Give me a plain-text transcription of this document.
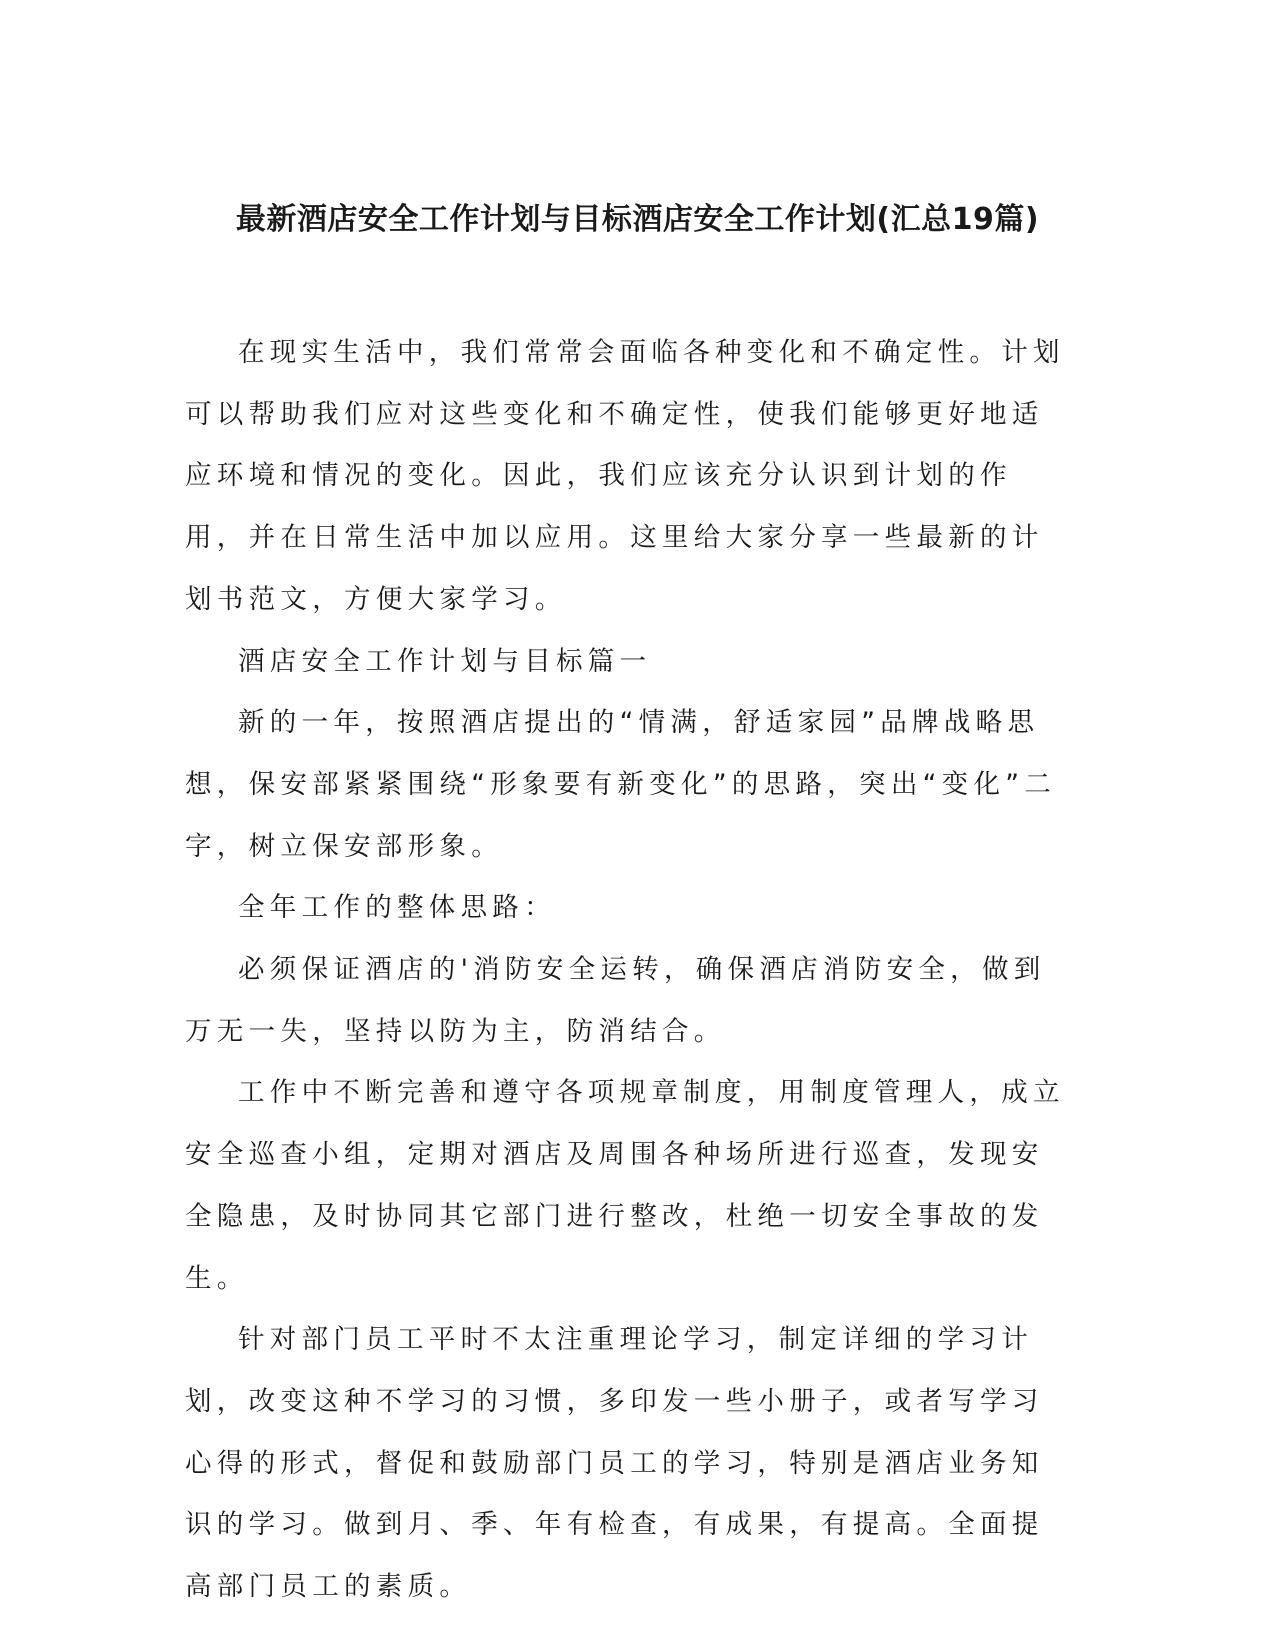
最新酒店安全工作计划与目标酒店安全工作计划(汇总19篇)

在现实生活中，我们常常会面临各种变化和不确定性。计划可以帮助我们应对这些变化和不确定性，使我们能够更好地适应环境和情况的变化。因此，我们应该充分认识到计划的作用，并在日常生活中加以应用。这里给大家分享一些最新的计划书范文，方便大家学习。

酒店安全工作计划与目标篇一

新的一年，按照酒店提出的“情满，舒适家园”品牌战略思想，保安部紧紧围绕“形象要有新变化”的思路，突出“变化”二字，树立保安部形象。

全年工作的整体思路：

必须保证酒店的'消防安全运转，确保酒店消防安全，做到万无一失，坚持以防为主，防消结合。

工作中不断完善和遵守各项规章制度，用制度管理人，成立安全巡查小组，定期对酒店及周围各种场所进行巡查，发现安全隐患，及时协同其它部门进行整改，杜绝一切安全事故的发生。

针对部门员工平时不太注重理论学习，制定详细的学习计划，改变这种不学习的习惯，多印发一些小册子，或者写学习心得的形式，督促和鼓励部门员工的学习，特别是酒店业务知识的学习。做到月、季、年有检查，有成果，有提高。全面提高部门员工的素质。
